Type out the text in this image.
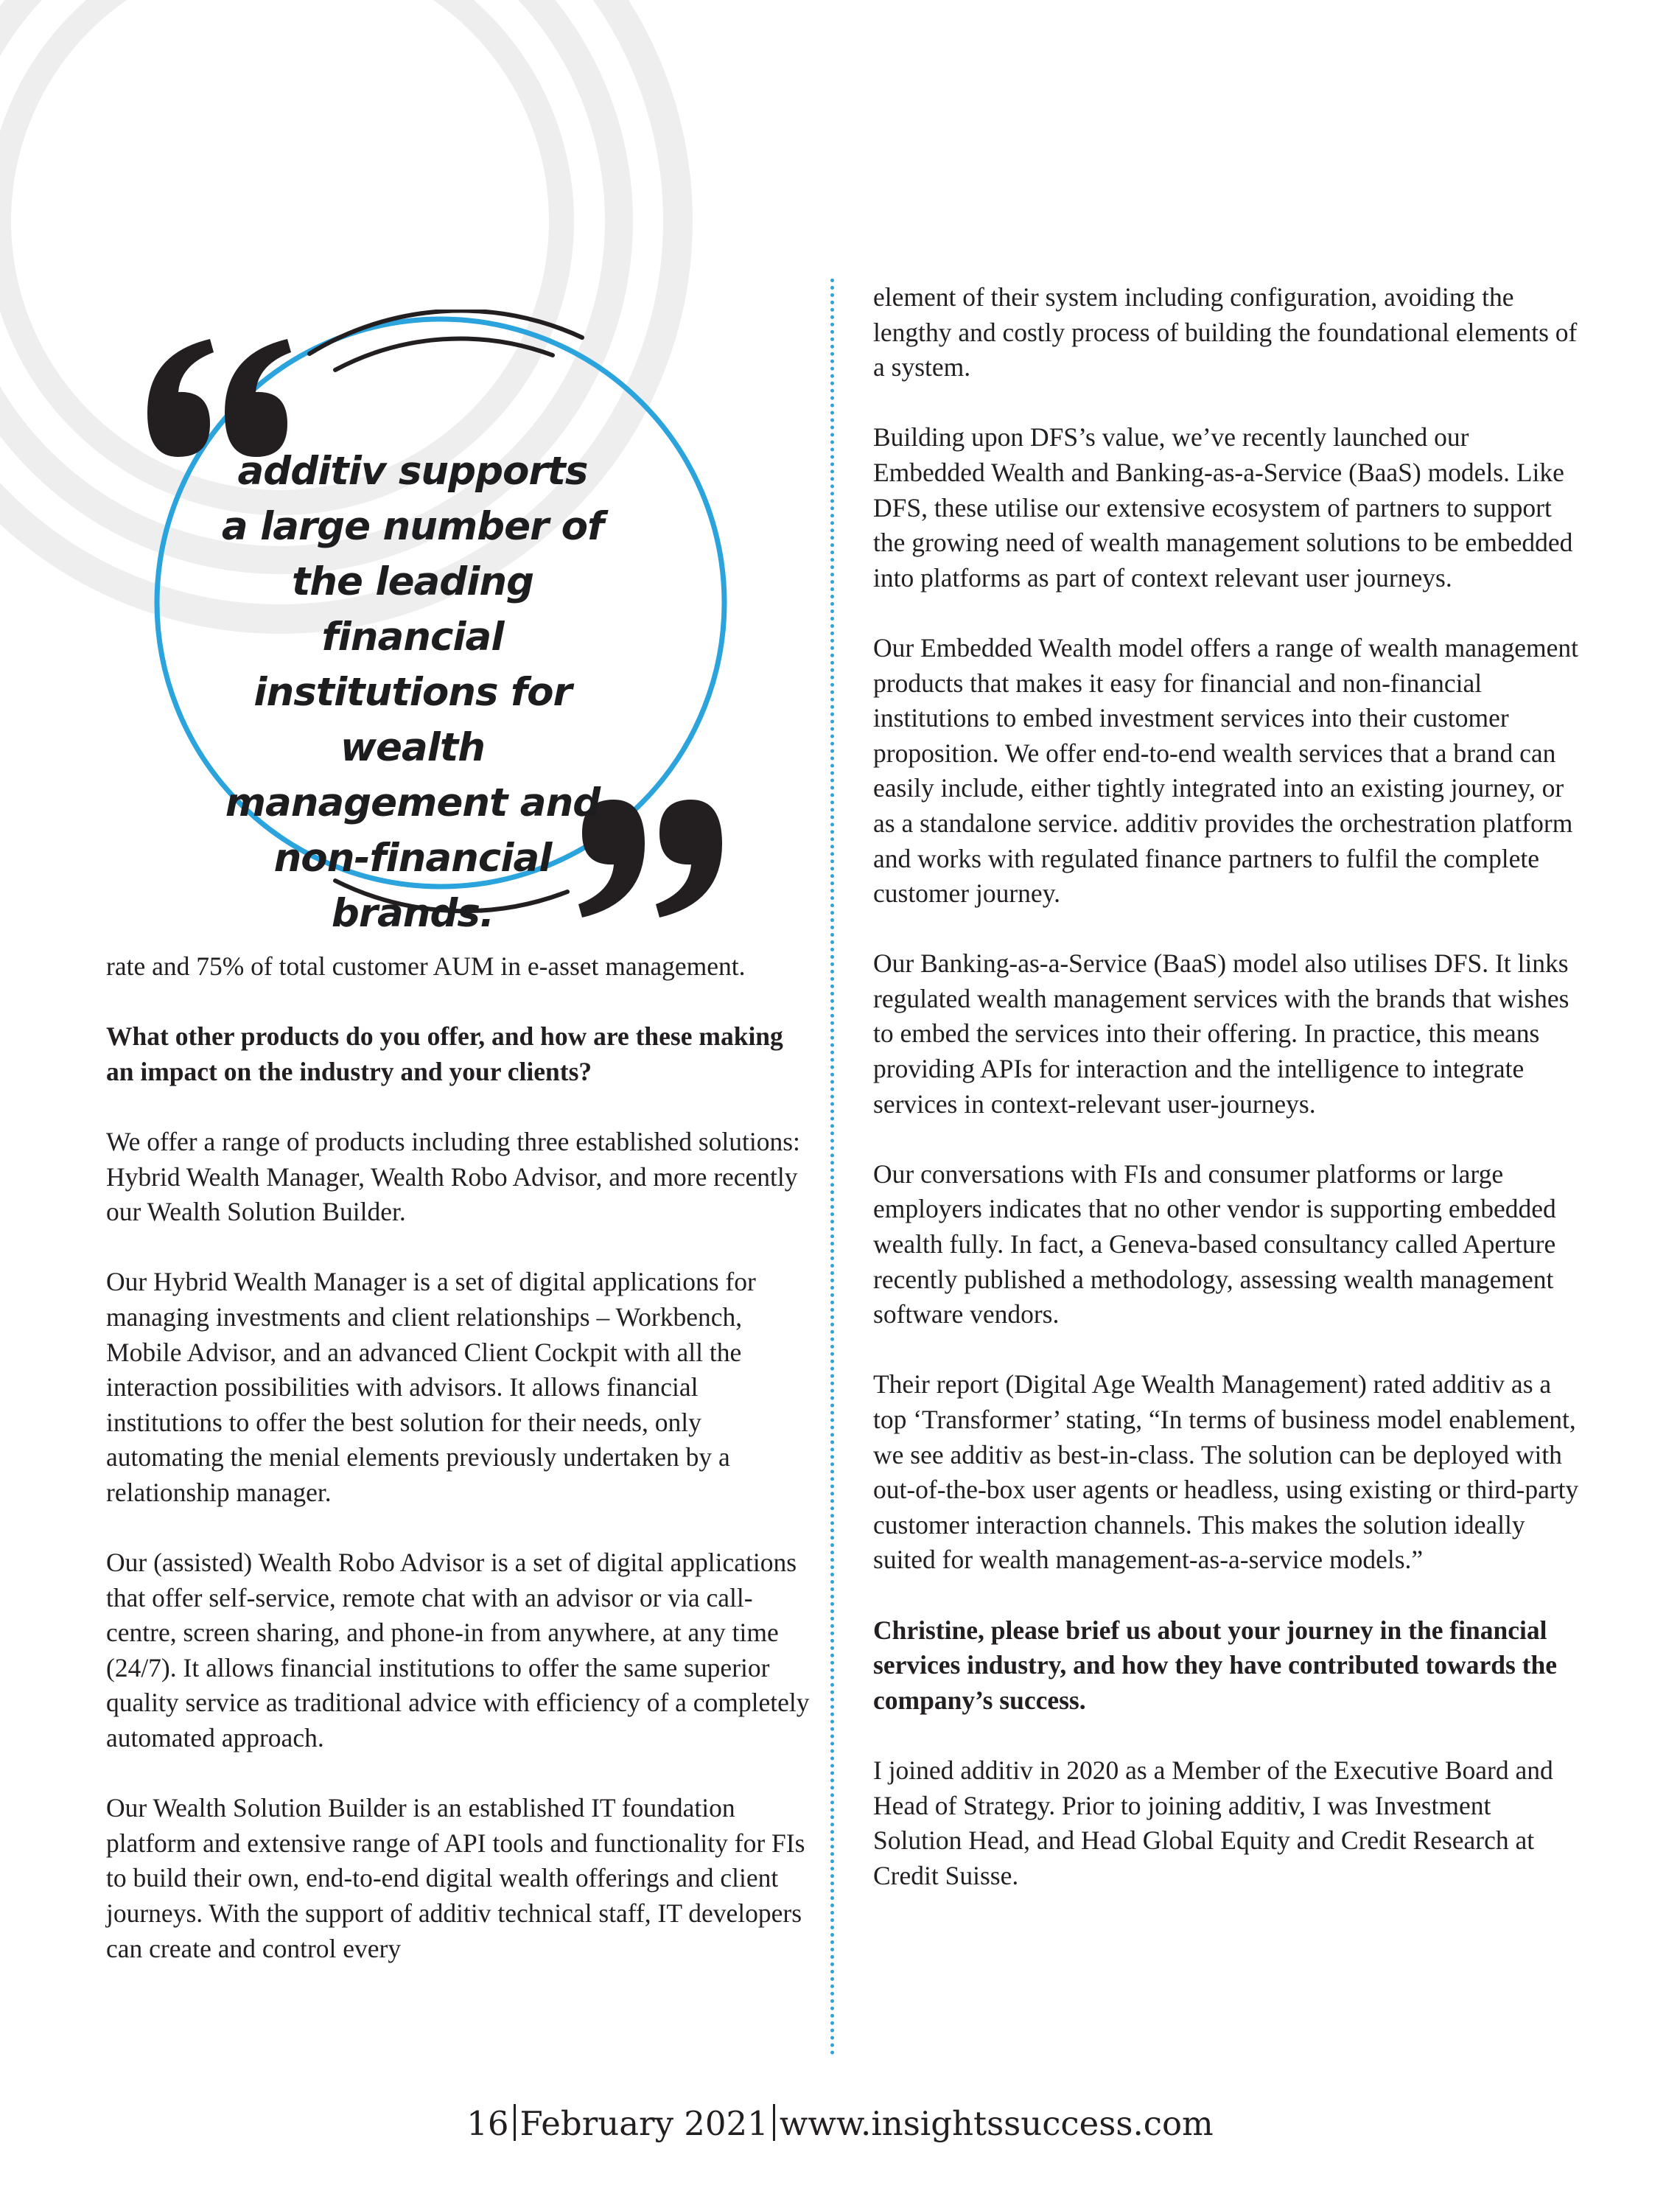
additiv supports a large number of the leading financial institutions for wealth management and non-financial brands.

rate and 75% of total customer AUM in e-asset management.

What other products do you offer, and how are these making an impact on the industry and your clients?

We offer a range of products including three established solutions: Hybrid Wealth Manager, Wealth Robo Advisor, and more recently our Wealth Solution Builder.

Our Hybrid Wealth Manager is a set of digital applications for managing investments and client relationships – Workbench, Mobile Advisor, and an advanced Client Cockpit with all the interaction possibilities with advisors. It allows financial institutions to offer the best solution for their needs, only automating the menial elements previously undertaken by a relationship manager.

Our (assisted) Wealth Robo Advisor is a set of digital applications that offer self-service, remote chat with an advisor or via call-centre, screen sharing, and phone-in from anywhere, at any time (24/7). It allows financial institutions to offer the same superior quality service as traditional advice with efficiency of a completely automated approach.

Our Wealth Solution Builder is an established IT foundation platform and extensive range of API tools and functionality for FIs to build their own, end-to-end digital wealth offerings and client journeys. With the support of additiv technical staff, IT developers can create and control every

element of their system including configuration, avoiding the lengthy and costly process of building the foundational elements of a system.

Building upon DFS’s value, we’ve recently launched our Embedded Wealth and Banking-as-a-Service (BaaS) models. Like DFS, these utilise our extensive ecosystem of partners to support the growing need of wealth management solutions to be embedded into platforms as part of context relevant user journeys.

Our Embedded Wealth model offers a range of wealth management products that makes it easy for financial and non-financial institutions to embed investment services into their customer proposition. We offer end-to-end wealth services that a brand can easily include, either tightly integrated into an existing journey, or as a standalone service. additiv provides the orchestration platform and works with regulated finance partners to fulfil the complete customer journey.

Our Banking-as-a-Service (BaaS) model also utilises DFS. It links regulated wealth management services with the brands that wishes to embed the services into their offering. In practice, this means providing APIs for interaction and the intelligence to integrate services in context-relevant user-journeys.

Our conversations with FIs and consumer platforms or large employers indicates that no other vendor is supporting embedded wealth fully. In fact, a Geneva-based consultancy called Aperture recently published a methodology, assessing wealth management software vendors.

Their report (Digital Age Wealth Management) rated additiv as a top ‘Transformer’ stating, “In terms of business model enablement, we see additiv as best-in-class. The solution can be deployed with out-of-the-box user agents or headless, using existing or third-party customer interaction channels. This makes the solution ideally suited for wealth management-as-a-service models.”

Christine, please brief us about your journey in the financial services industry, and how they have contributed towards the company’s success.

I joined additiv in 2020 as a Member of the Executive Board and Head of Strategy. Prior to joining additiv, I was Investment Solution Head, and Head Global Equity and Credit Research at Credit Suisse.

16 February 2021 www.insightssuccess.com
